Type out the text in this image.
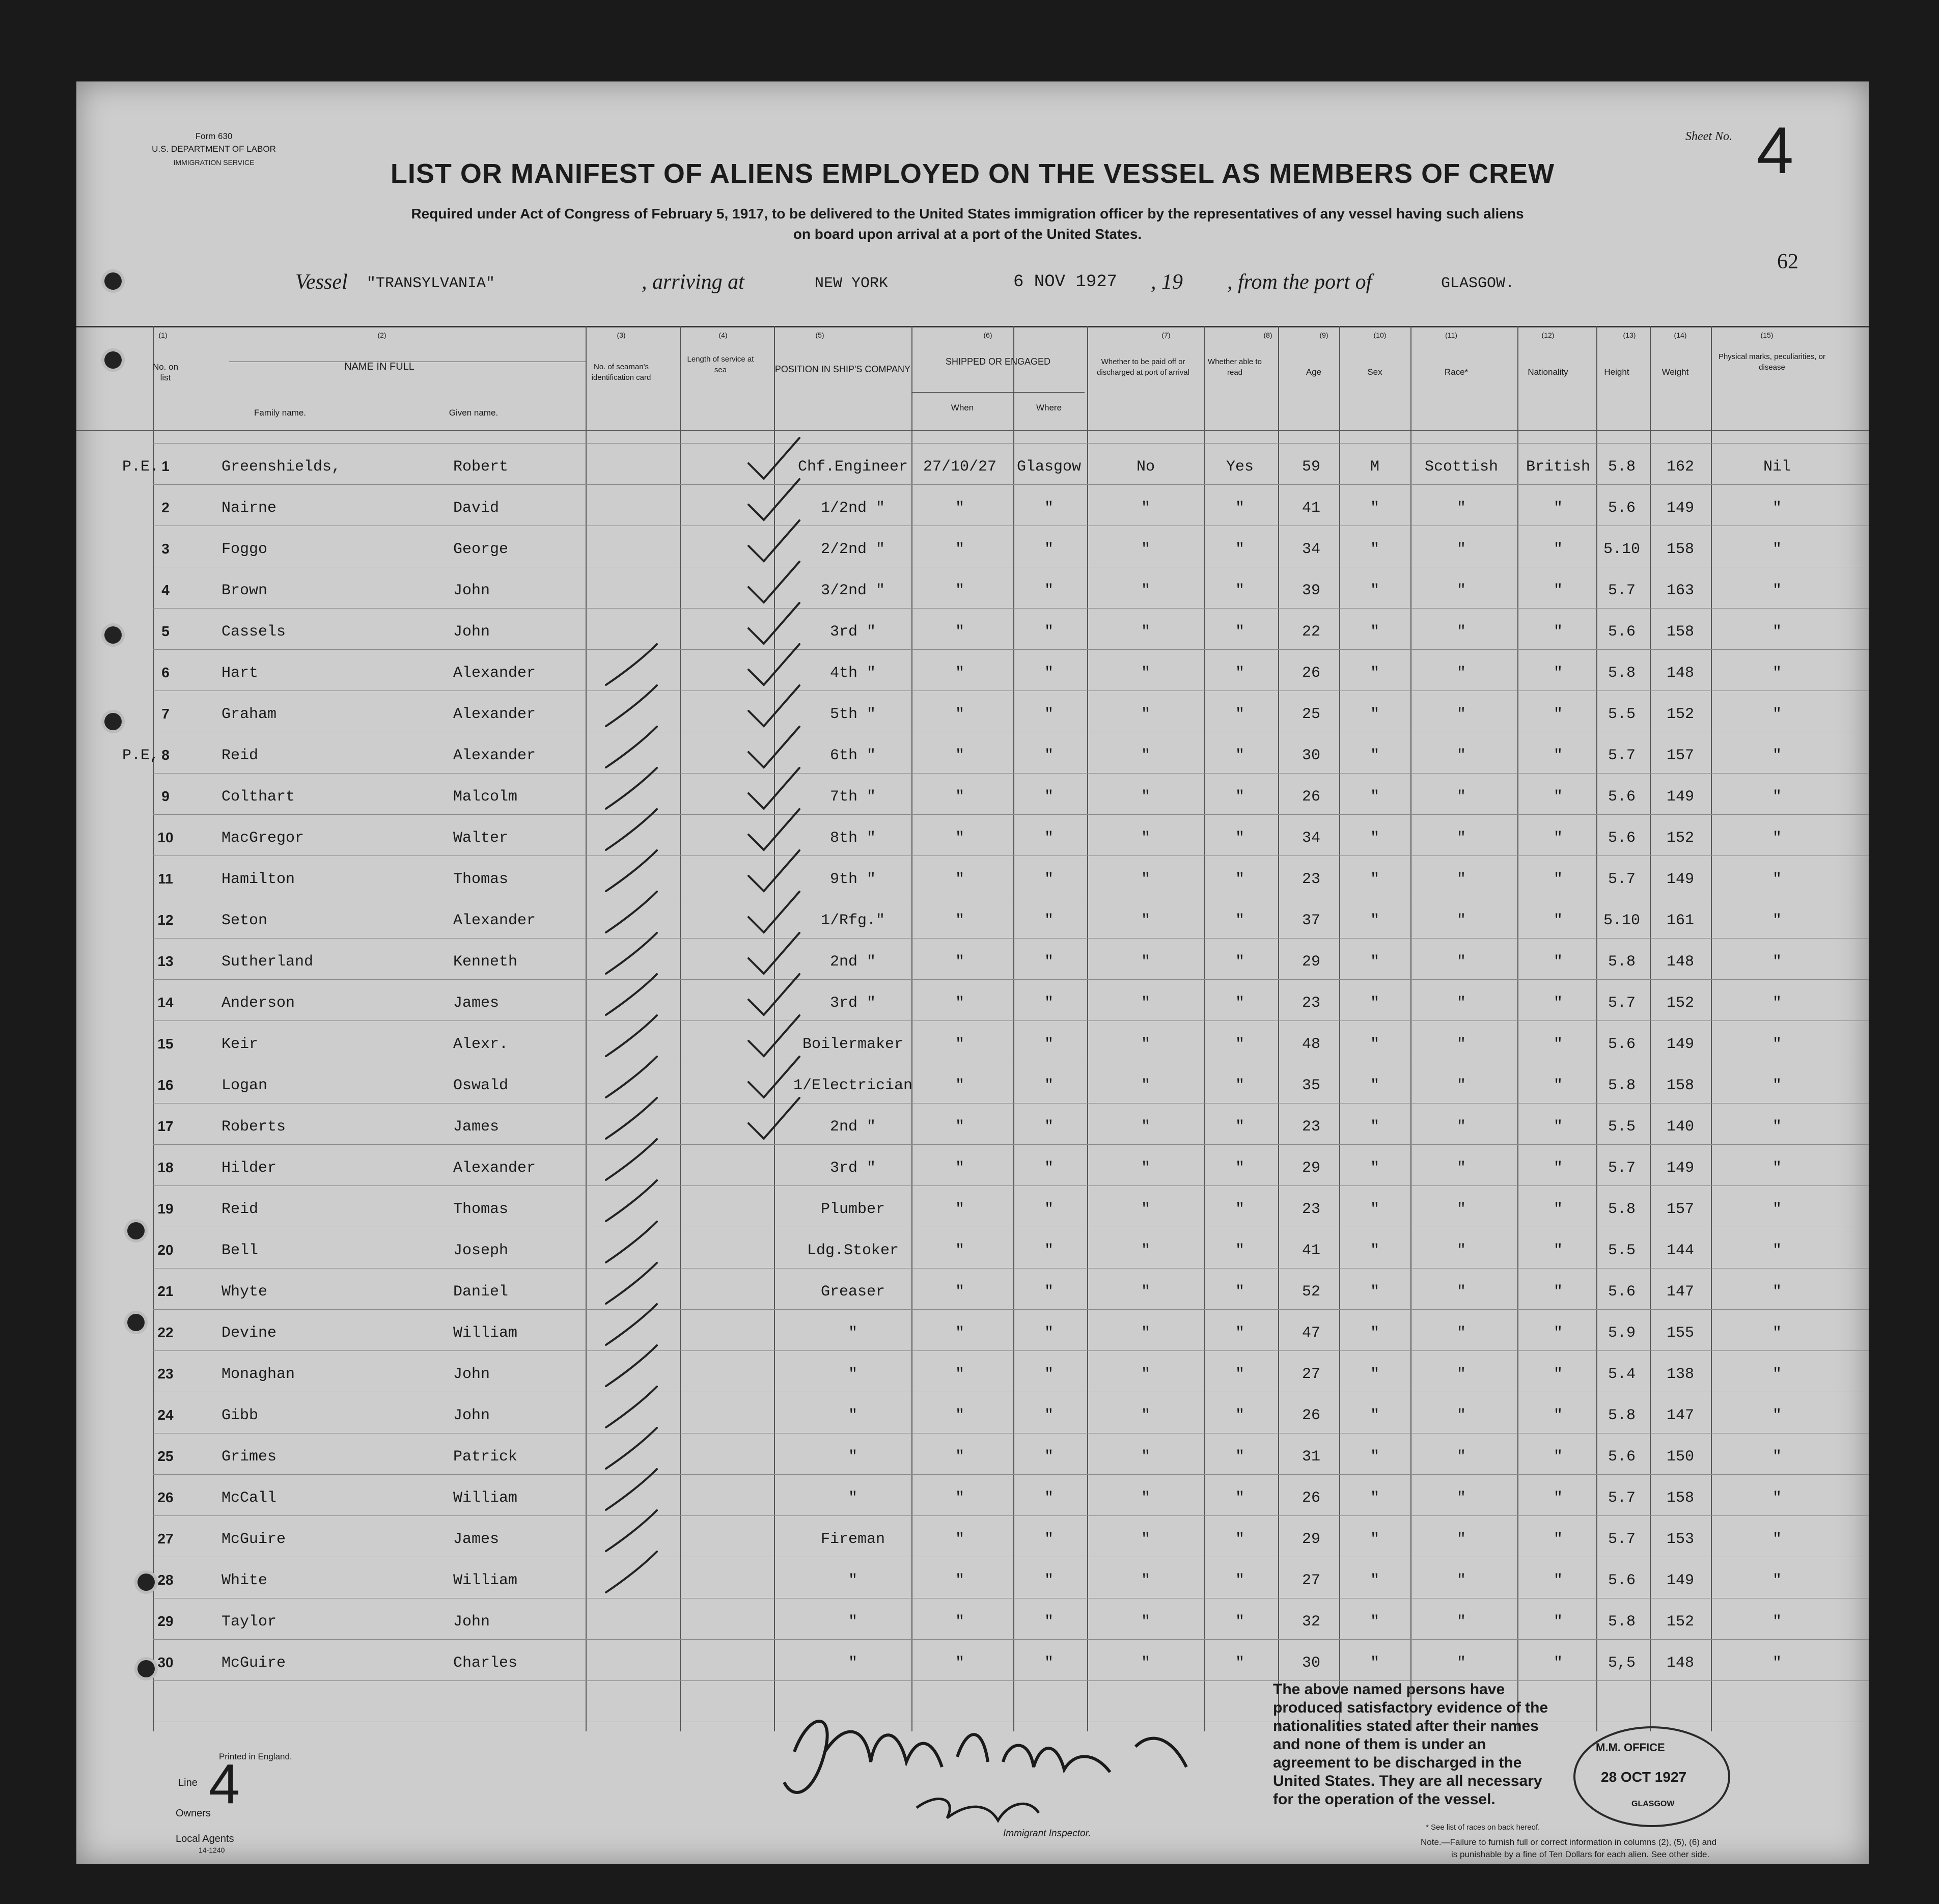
Form 630
U.S. DEPARTMENT OF LABOR
IMMIGRATION SERVICE
Sheet No. 4
LIST OR MANIFEST OF ALIENS EMPLOYED ON THE VESSEL AS MEMBERS OF CREW
Required under Act of Congress of February 5, 1917, to be delivered to the United States immigration officer by the representatives of any vessel having such aliens
on board upon arrival at a port of the United States.
62
Vessel "TRANSYLVANIA"	, arriving at	NEW YORK	6 NOV 1927 , 19 , from the port of	GLASGOW.
(1)	(2)	(3)	(4)	(5)	(6)	(7)	(8)	(9)	(10)	(11)	(12)	(13)	(14)	(15)
No. on list
NAME IN FULL
Family name.	Given name.
No. of seaman's identification card
Length of service at sea	POSITION IN SHIP'S COMPANY
SHIPPED OR ENGAGED
When	Where
Whether to be paid off or discharged at port of arrival
Whether able to read	Age	Sex	Race*	Nationality	Height	Weight
Physical marks, peculiarities, or disease
P.E. 1	Greenshields,	Robert	Chf.Engineer 27/10/27	Glasgow	No	Yes	59	M	Scottish	British	5.8	162	Nil
2	Nairne	David	1/2nd "	"	"	"	"	41	"	"	"	5.6	149	"
3	Foggo	George	2/2nd "	"	"	"	"	34	"	"	"	5.10	158	"
4	Brown	John	3/2nd "	"	"	"	"	39	"	"	"	5.7	163	"
5	Cassels	John	3rd "	"	"	"	"	22	"	"	"	5.6	158	"
6	Hart	Alexander	4th "	"	"	"	"	26	"	"	"	5.8	148	"
7	Graham	Alexander	5th "	"	"	"	"	25	"	"	"	5.5	152	"
P.E, 8	Reid	Alexander	6th "	"	"	"	"	30	"	"	"	5.7	157	"
9	Colthart	Malcolm	7th "	"	"	"	"	26	"	"	"	5.6	149	"
10	MacGregor	Walter	8th "	"	"	"	"	34	"	"	"	5.6	152	"
11	Hamilton	Thomas	9th "	"	"	"	"	23	"	"	"	5.7	149	"
12	Seton	Alexander	1/Rfg."	"	"	"	"	37	"	"	"	5.10	161	"
13	Sutherland	Kenneth	2nd "	"	"	"	"	29	"	"	"	5.8	148	"
14	Anderson	James	3rd "	"	"	"	"	23	"	"	"	5.7	152	"
15	Keir	Alexr.	Boilermaker	"	"	"	"	48	"	"	"	5.6	149	"
16	Logan	Oswald	1/Electrician	"	"	"	"	35	"	"	"	5.8	158	"
17	Roberts	James	2nd "	"	"	"	"	23	"	"	"	5.5	140	"
18	Hilder	Alexander	3rd "	"	"	"	"	29	"	"	"	5.7	149	"
19	Reid	Thomas	Plumber	"	"	"	"	23	"	"	"	5.8	157	"
20	Bell	Joseph	Ldg.Stoker	"	"	"	"	41	"	"	"	5.5	144	"
21	Whyte	Daniel	Greaser	"	"	"	"	52	"	"	"	5.6	147	"
22	Devine	William	"	"	"	"	"	47	"	"	"	5.9	155	"
23	Monaghan	John	"	"	"	"	"	27	"	"	"	5.4	138	"
24	Gibb	John	"	"	"	"	"	26	"	"	"	5.8	147	"
25	Grimes	Patrick	"	"	"	"	"	31	"	"	"	5.6	150	"
26	McCall	William	"	"	"	"	"	26	"	"	"	5.7	158	"
27	McGuire	James	Fireman	"	"	"	"	29	"	"	"	5.7	153	"
28	White	William	"	"	"	"	"	27	"	"	"	5.6	149	"
29	Taylor	John	"	"	"	"	"	32	"	"	"	5.8	152	"
30	McGuire	Charles	"	"	"	"	"	30	"	"	"	5,5	148	"
Printed in England.
Line 4
Owners
Local Agents
14-1240
Immigrant Inspector.
The above named persons have produced satisfactory evidence of the nationalities stated after their names and none of them is under an agreement to be discharged in the United States. They are all necessary for the operation of the vessel.
* See list of races on back hereof.
Note.—Failure to furnish full or correct information in columns (2), (5), (6) and
is punishable by a fine of Ten Dollars for each alien. See other side.
M.M. OFFICE
28 OCT 1927
GLASGOW
